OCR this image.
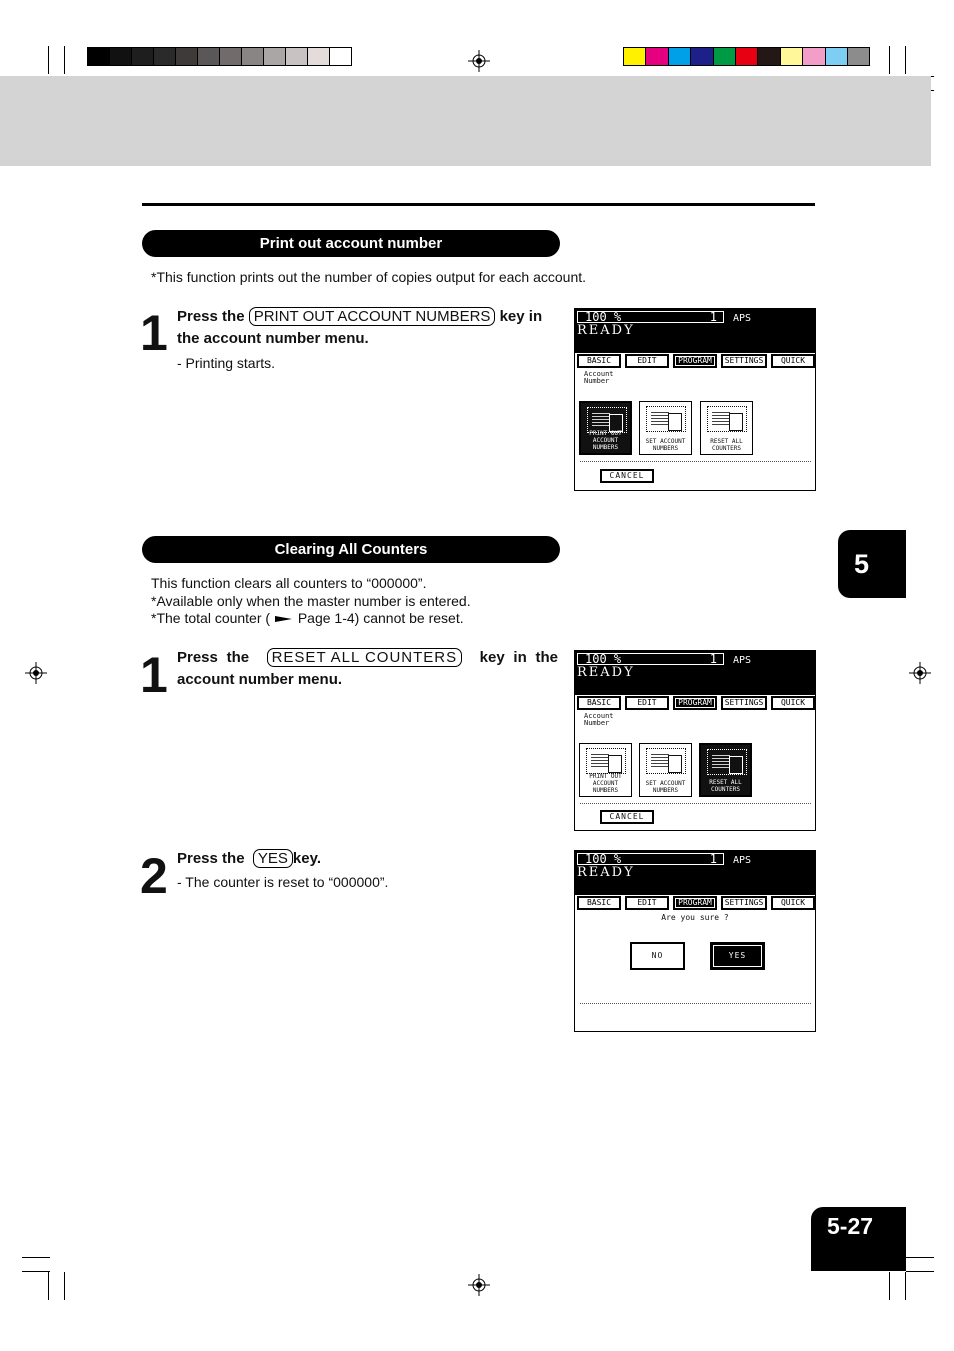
Print out account number
*This function prints out the number of copies output for each account.
1 Press the PRINT OUT ACCOUNT NUMBERS key in the account number menu.
- Printing starts.
100 %	1 APS
READY
BASIC	EDIT	PROGRAM	SETTINGS	QUICK
Account
Number
PRINT OUT ACCOUNT NUMBERS
SET ACCOUNT NUMBERS
RESET ALL COUNTERS
CANCEL
Clearing All Counters
This function clears all counters to “000000”.
*Available only when the master number is entered.
*The total counter (  Page 1-4) cannot be reset.
1 Press the RESET ALL COUNTERS key in the account number menu.
100 %	1 APS
READY
BASIC	EDIT	PROGRAM	SETTINGS	QUICK
Account
Number
PRINT OUT ACCOUNT NUMBERS
SET ACCOUNT NUMBERS
RESET ALL COUNTERS
CANCEL
2 Press the YES key.
- The counter is reset to “000000”.
100 %	1 APS
READY
BASIC	EDIT	PROGRAM	SETTINGS	QUICK
Are you sure ?
NO	YES
5
5-27
